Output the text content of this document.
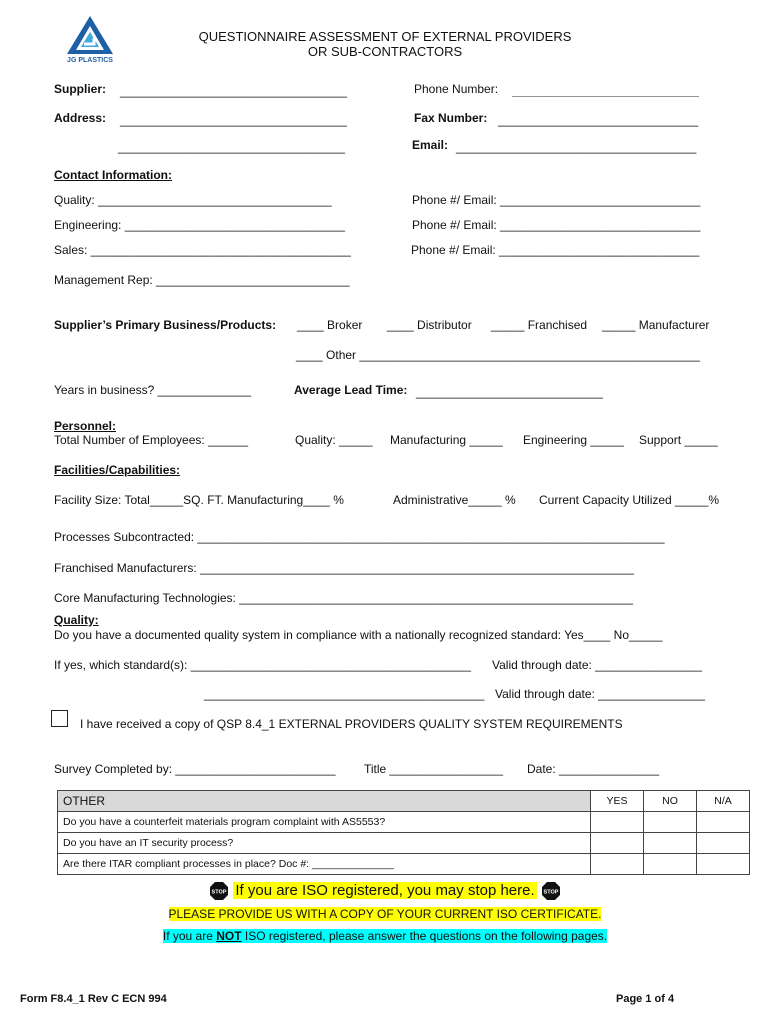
JG PLASTICS
QUESTIONNAIRE ASSESSMENT OF EXTERNAL PROVIDERS
OR SUB-CONTRACTORS
Supplier: __________________________________	Phone Number: ____________________________
Address: __________________________________	Fax Number: ______________________________
__________________________________	Email: ____________________________________
Contact Information:
Quality: ___________________________________	Phone #/ Email: ______________________________
Engineering: _________________________________	Phone #/ Email: ______________________________
Sales: _______________________________________	Phone #/ Email: ______________________________
Management Rep: _____________________________
Supplier’s Primary Business/Products: ____ Broker ____ Distributor _____ Franchised _____ Manufacturer
____ Other ___________________________________________________
Years in business? ______________	Average Lead Time: ____________________________
Personnel:
Total Number of Employees: ______	Quality: _____ Manufacturing _____ Engineering _____ Support _____
Facilities/Capabilities:
Facility Size: Total_____SQ. FT. Manufacturing____ %	Administrative_____ % Current Capacity Utilized _____%
Processes Subcontracted: ______________________________________________________________________
Franchised Manufacturers: _________________________________________________________________
Core Manufacturing Technologies: ___________________________________________________________
Quality:
Do you have a documented quality system in compliance with a nationally recognized standard: Yes____ No_____
If yes, which standard(s): __________________________________________ Valid through date: ________________
__________________________________________ Valid through date: ________________
I have received a copy of QSP 8.4_1 EXTERNAL PROVIDERS QUALITY SYSTEM REQUIREMENTS
Survey Completed by: ________________________ Title _________________ Date: _______________
OTHER	YES	NO	N/A
Do you have a counterfeit materials program complaint with AS5553?			
Do you have an IT security process?			
Are there ITAR compliant processes in place? Doc #: ______________			
STOP If you are ISO registered, you may stop here. STOP
PLEASE PROVIDE US WITH A COPY OF YOUR CURRENT ISO CERTIFICATE.
If you are NOT ISO registered, please answer the questions on the following pages.
Form F8.4_1 Rev C ECN 994	Page 1 of 4
